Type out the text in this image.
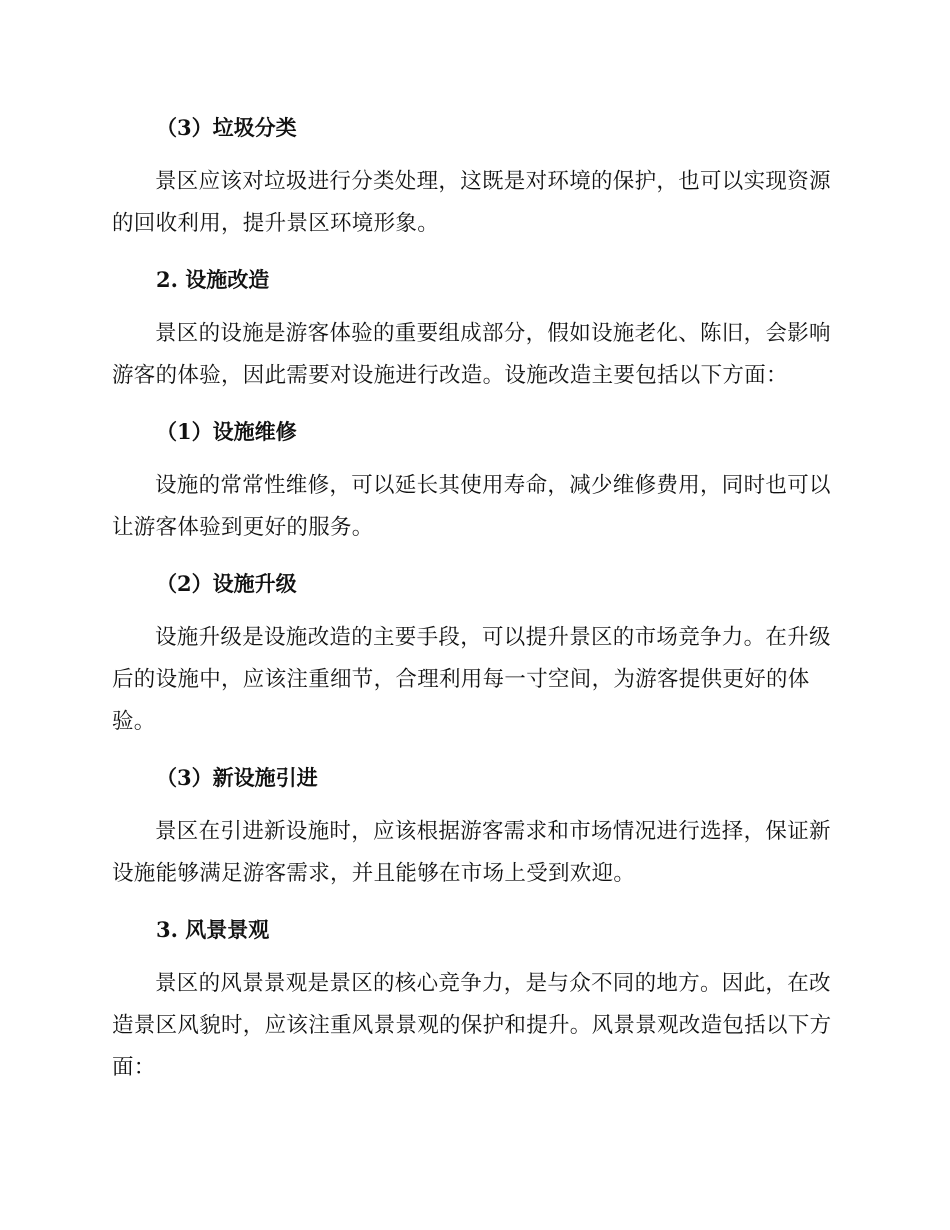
（3）垃圾分类

景区应该对垃圾进行分类处理，这既是对环境的保护，也可以实现资源的回收利用，提升景区环境形象。

2. 设施改造

景区的设施是游客体验的重要组成部分，假如设施老化、陈旧，会影响游客的体验，因此需要对设施进行改造。设施改造主要包括以下方面：

（1）设施维修

设施的常常性维修，可以延长其使用寿命，减少维修费用，同时也可以让游客体验到更好的服务。

（2）设施升级

设施升级是设施改造的主要手段，可以提升景区的市场竞争力。在升级后的设施中，应该注重细节，合理利用每一寸空间，为游客提供更好的体验。

（3）新设施引进

景区在引进新设施时，应该根据游客需求和市场情况进行选择，保证新设施能够满足游客需求，并且能够在市场上受到欢迎。

3. 风景景观

景区的风景景观是景区的核心竞争力，是与众不同的地方。因此，在改造景区风貌时，应该注重风景景观的保护和提升。风景景观改造包括以下方面：
